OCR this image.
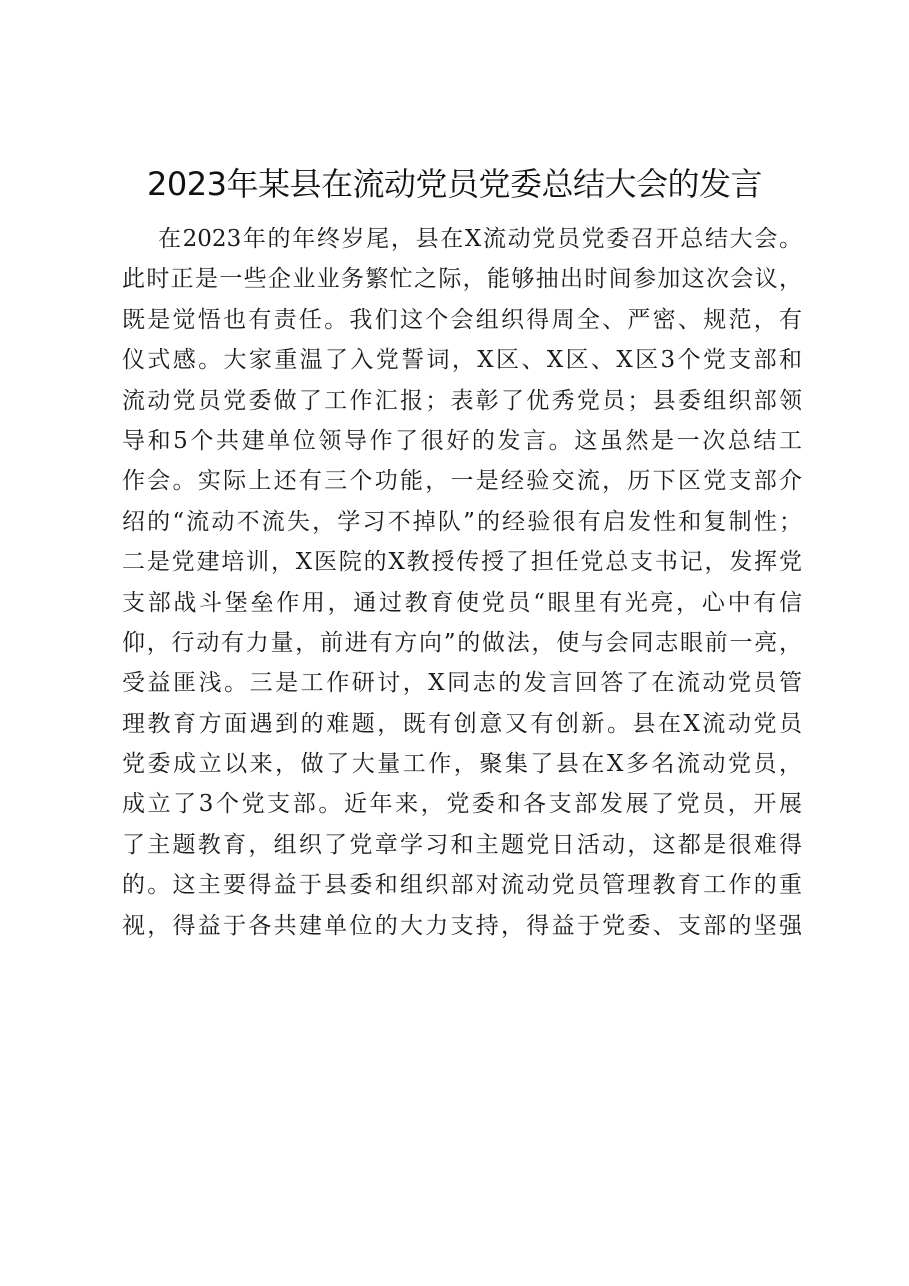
2023年某县在流动党员党委总结大会的发言
在2023年的年终岁尾，县在X流动党员党委召开总结大会。
此时正是一些企业业务繁忙之际，能够抽出时间参加这次会议，
既是觉悟也有责任。我们这个会组织得周全、严密、规范，有
仪式感。大家重温了入党誓词，X区、X区、X区3个党支部和
流动党员党委做了工作汇报；表彰了优秀党员；县委组织部领
导和5个共建单位领导作了很好的发言。这虽然是一次总结工
作会。实际上还有三个功能，一是经验交流，历下区党支部介
绍的“流动不流失，学习不掉队”的经验很有启发性和复制性；
二是党建培训，X医院的X教授传授了担任党总支书记，发挥党
支部战斗堡垒作用，通过教育使党员“眼里有光亮，心中有信
仰，行动有力量，前进有方向”的做法，使与会同志眼前一亮，
受益匪浅。三是工作研讨，X同志的发言回答了在流动党员管
理教育方面遇到的难题，既有创意又有创新。县在X流动党员
党委成立以来，做了大量工作，聚集了县在X多名流动党员，
成立了3个党支部。近年来，党委和各支部发展了党员，开展
了主题教育，组织了党章学习和主题党日活动，这都是很难得
的。这主要得益于县委和组织部对流动党员管理教育工作的重
视，得益于各共建单位的大力支持，得益于党委、支部的坚强
